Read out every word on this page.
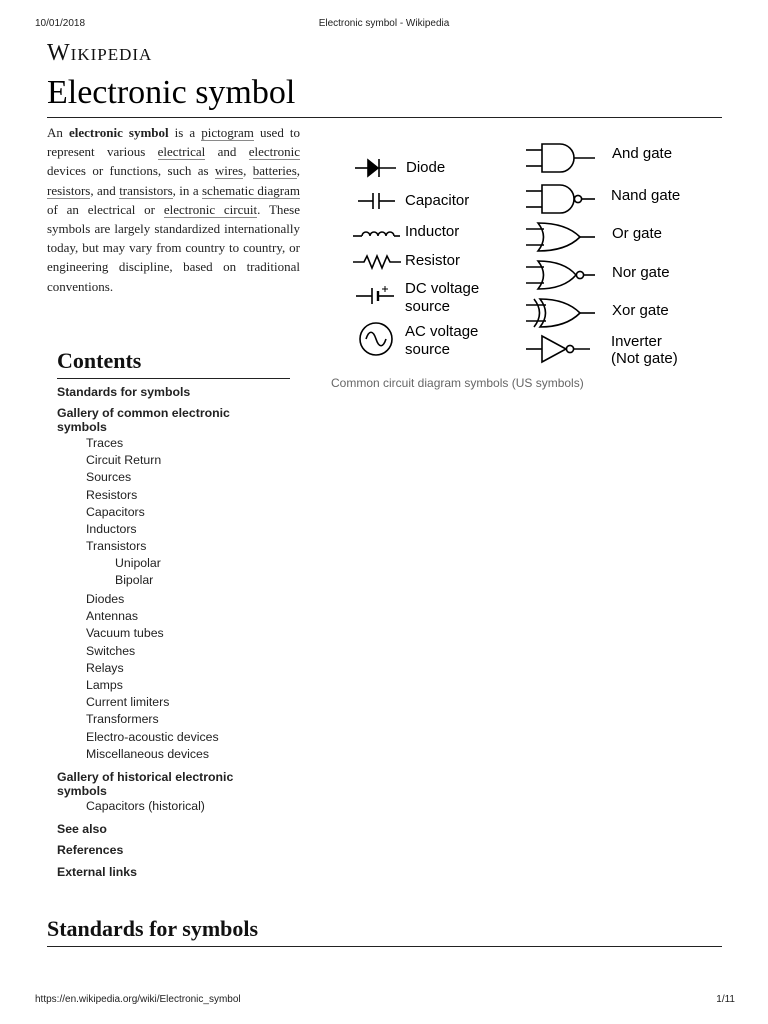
10/01/2018	Electronic symbol - Wikipedia
Wikipedia
Electronic symbol
An electronic symbol is a pictogram used to represent various electrical and electronic devices or functions, such as wires, batteries, resistors, and transistors, in a schematic diagram of an electrical or electronic circuit. These symbols are largely standardized internationally today, but may vary from country to country, or engineering discipline, based on traditional conventions.
Diode
Capacitor
Inductor
Resistor
DC voltage
source
AC voltage
source
And gate
Nand gate
Or gate
Nor gate
Xor gate
Inverter
(Not gate)
Common circuit diagram symbols (US symbols)
Contents
Standards for symbols
Gallery of common electronic
symbols
Traces
Circuit Return
Sources
Resistors
Capacitors
Inductors
Transistors
Unipolar
Bipolar
Diodes
Antennas
Vacuum tubes
Switches
Relays
Lamps
Current limiters
Transformers
Electro-acoustic devices
Miscellaneous devices
Gallery of historical electronic
symbols
Capacitors (historical)
See also
References
External links
Standards for symbols
https://en.wikipedia.org/wiki/Electronic_symbol	1/11
